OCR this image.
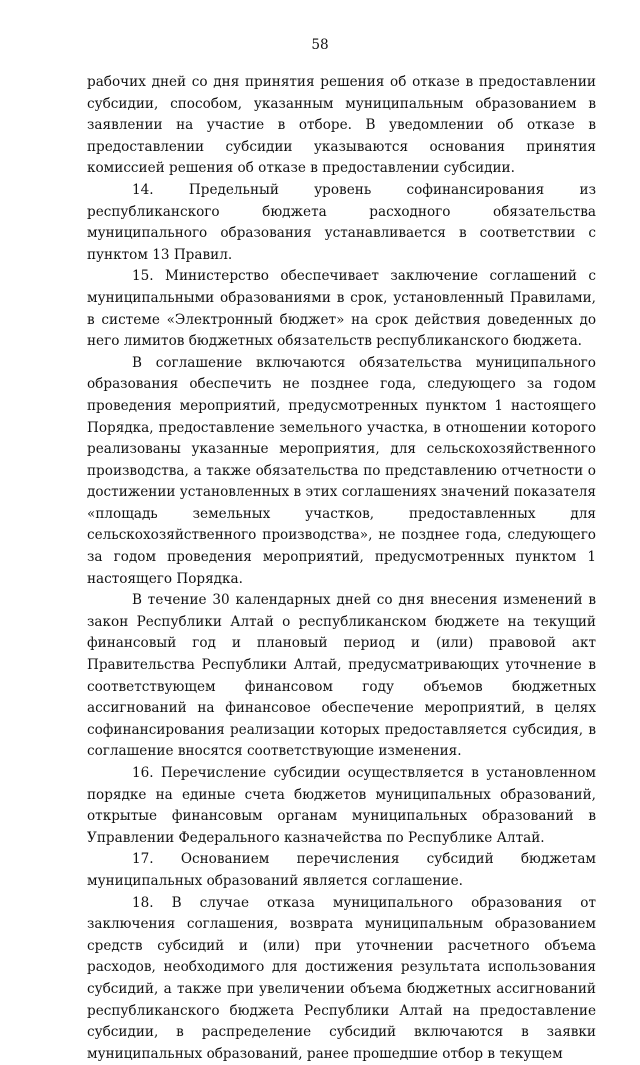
58

рабочих дней со дня принятия решения об отказе в предоставлении субсидии, способом, указанным муниципальным образованием в заявлении на участие в отборе. В уведомлении об отказе в предоставлении субсидии указываются основания принятия комиссией решения об отказе в предоставлении субсидии.

14. Предельный уровень софинансирования из республиканского бюджета расходного обязательства муниципального образования устанавливается в соответствии с пунктом 13 Правил.

15. Министерство обеспечивает заключение соглашений с муниципальными образованиями в срок, установленный Правилами, в системе «Электронный бюджет» на срок действия доведенных до него лимитов бюджетных обязательств республиканского бюджета.

В соглашение включаются обязательства муниципального образования обеспечить не позднее года, следующего за годом проведения мероприятий, предусмотренных пунктом 1 настоящего Порядка, предоставление земельного участка, в отношении которого реализованы указанные мероприятия, для сельскохозяйственного производства, а также обязательства по представлению отчетности о достижении установленных в этих соглашениях значений показателя «площадь земельных участков, предоставленных для сельскохозяйственного производства», не позднее года, следующего за годом проведения мероприятий, предусмотренных пунктом 1 настоящего Порядка.

В течение 30 календарных дней со дня внесения изменений в закон Республики Алтай о республиканском бюджете на текущий финансовый год и плановый период и (или) правовой акт Правительства Республики Алтай, предусматривающих уточнение в соответствующем финансовом году объемов бюджетных ассигнований на финансовое обеспечение мероприятий, в целях софинансирования реализации которых предоставляется субсидия, в соглашение вносятся соответствующие изменения.

16. Перечисление субсидии осуществляется в установленном порядке на единые счета бюджетов муниципальных образований, открытые финансовым органам муниципальных образований в Управлении Федерального казначейства по Республике Алтай.

17. Основанием перечисления субсидий бюджетам муниципальных образований является соглашение.

18. В случае отказа муниципального образования от заключения соглашения, возврата муниципальным образованием средств субсидий и (или) при уточнении расчетного объема расходов, необходимого для достижения результата использования субсидий, а также при увеличении объема бюджетных ассигнований республиканского бюджета Республики Алтай на предоставление субсидии, в распределение субсидий включаются в заявки муниципальных образований, ранее прошедшие отбор в текущем
